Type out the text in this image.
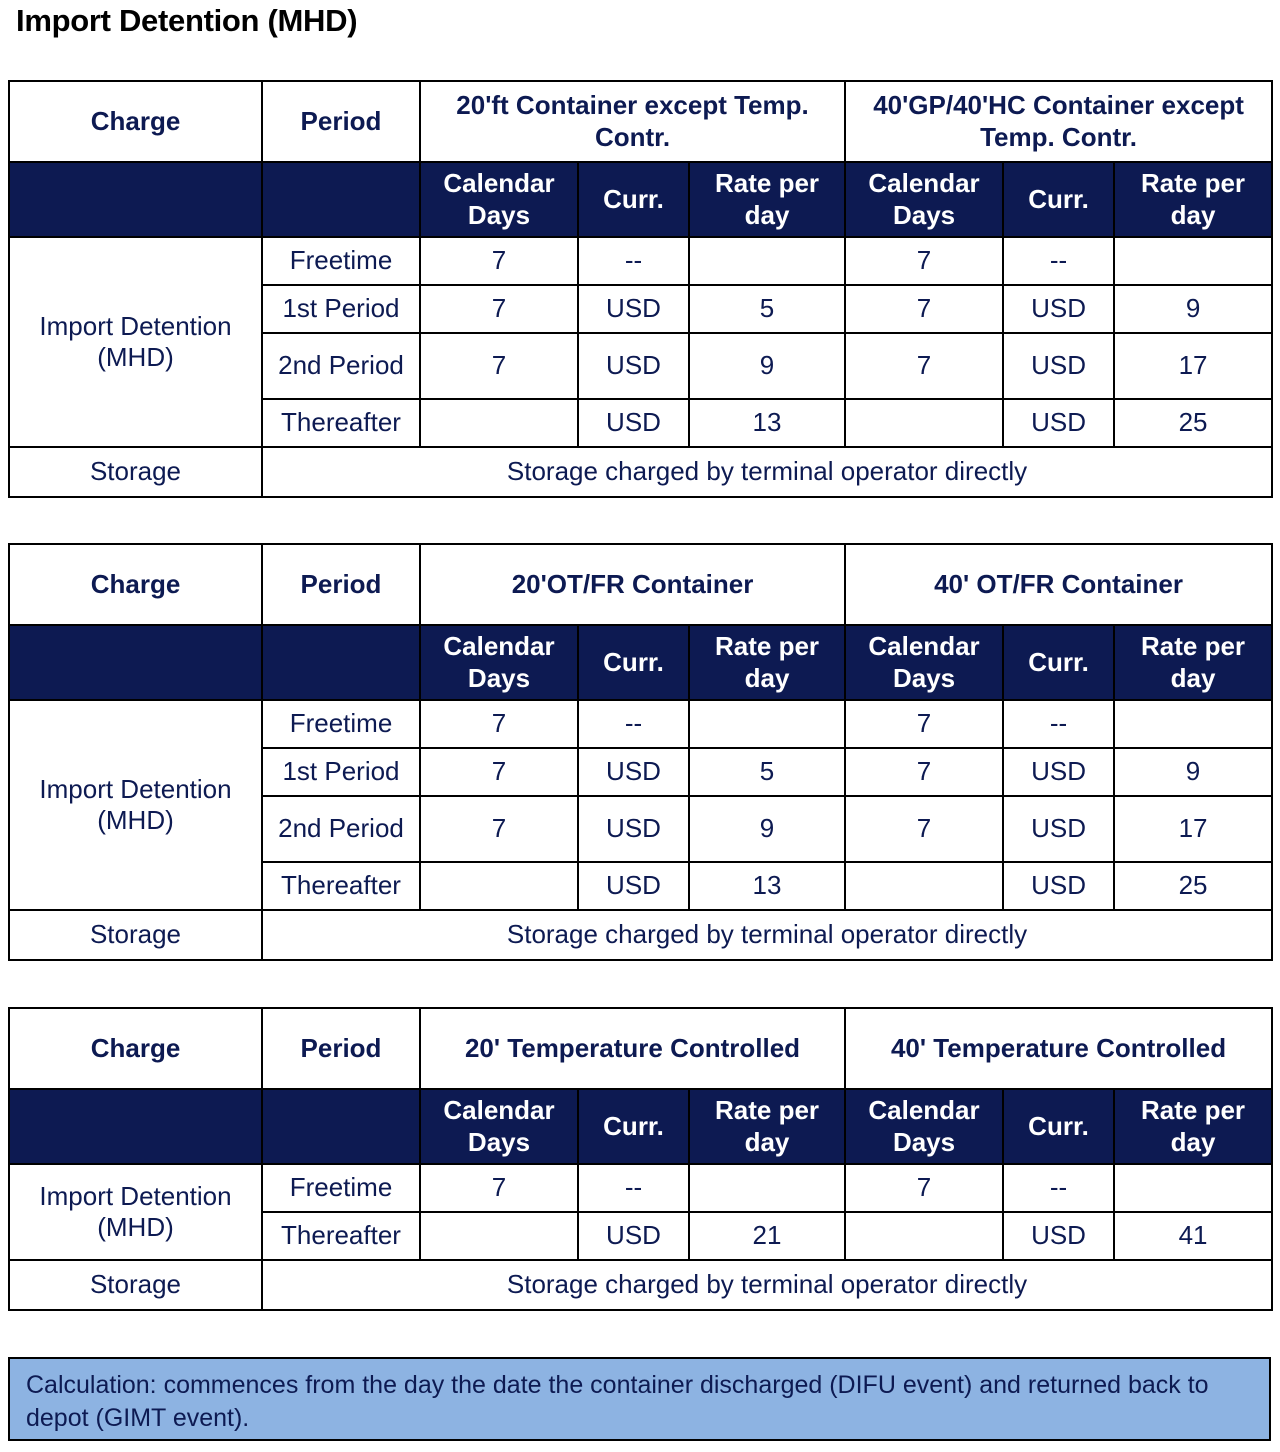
Import Detention (MHD)
Charge	Period	20'ft Container except Temp. Contr.			40'GP/40'HC Container except Temp. Contr.		
		Calendar Days	Curr.	Rate per day	Calendar Days	Curr.	Rate per day
Import Detention (MHD)	Freetime	7	--		7	--	
	1st Period	7	USD	5	7	USD	9
	2nd Period	7	USD	9	7	USD	17
	Thereafter		USD	13		USD	25
Storage	Storage charged by terminal operator directly						
Charge	Period	20'OT/FR Container			40' OT/FR Container		
		Calendar Days	Curr.	Rate per day	Calendar Days	Curr.	Rate per day
Import Detention (MHD)	Freetime	7	--		7	--	
	1st Period	7	USD	5	7	USD	9
	2nd Period	7	USD	9	7	USD	17
	Thereafter		USD	13		USD	25
Storage	Storage charged by terminal operator directly						
Charge	Period	20' Temperature Controlled			40' Temperature Controlled		
		Calendar Days	Curr.	Rate per day	Calendar Days	Curr.	Rate per day
Import Detention (MHD)	Freetime	7	--		7	--	
	Thereafter		USD	21		USD	41
Storage	Storage charged by terminal operator directly						
Calculation: commences from the day the date the container discharged (DIFU event) and returned back to depot (GIMT event).
